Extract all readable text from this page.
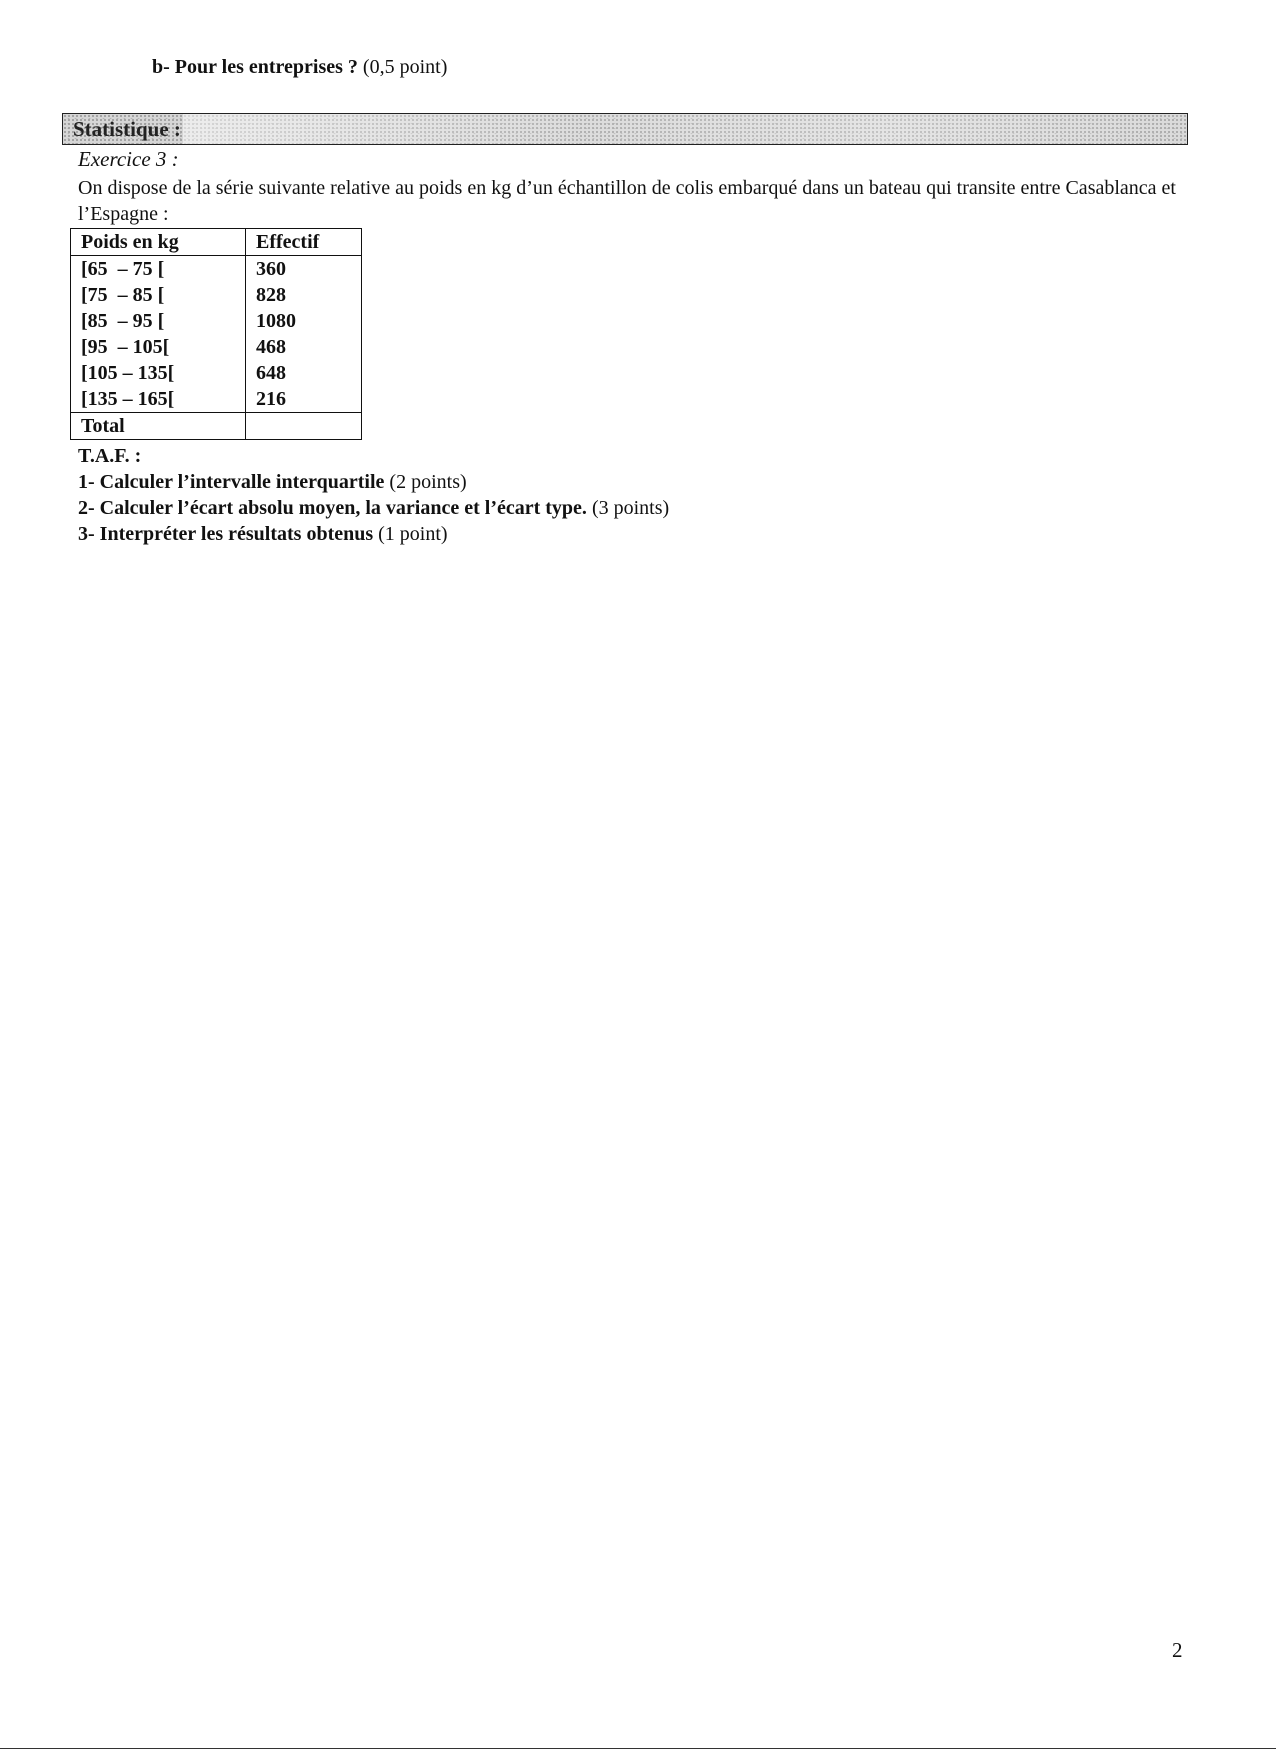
b- Pour les entreprises ? (0,5 point)
Statistique :
Exercice 3 :
On dispose de la série suivante relative au poids en kg d’un échantillon de colis embarqué dans un bateau qui transite entre Casablanca et l’Espagne :
Poids en kg	Effectif
[65  – 75 [	360
[75  – 85 [	828
[85  – 95 [	1080
[95  – 105[	468
[105 – 135[	648
[135 – 165[	216
Total	
T.A.F. :
1- Calculer l’intervalle interquartile (2 points)
2- Calculer l’écart absolu moyen, la variance et l’écart type. (3 points)
3- Interpréter les résultats obtenus (1 point)
2
